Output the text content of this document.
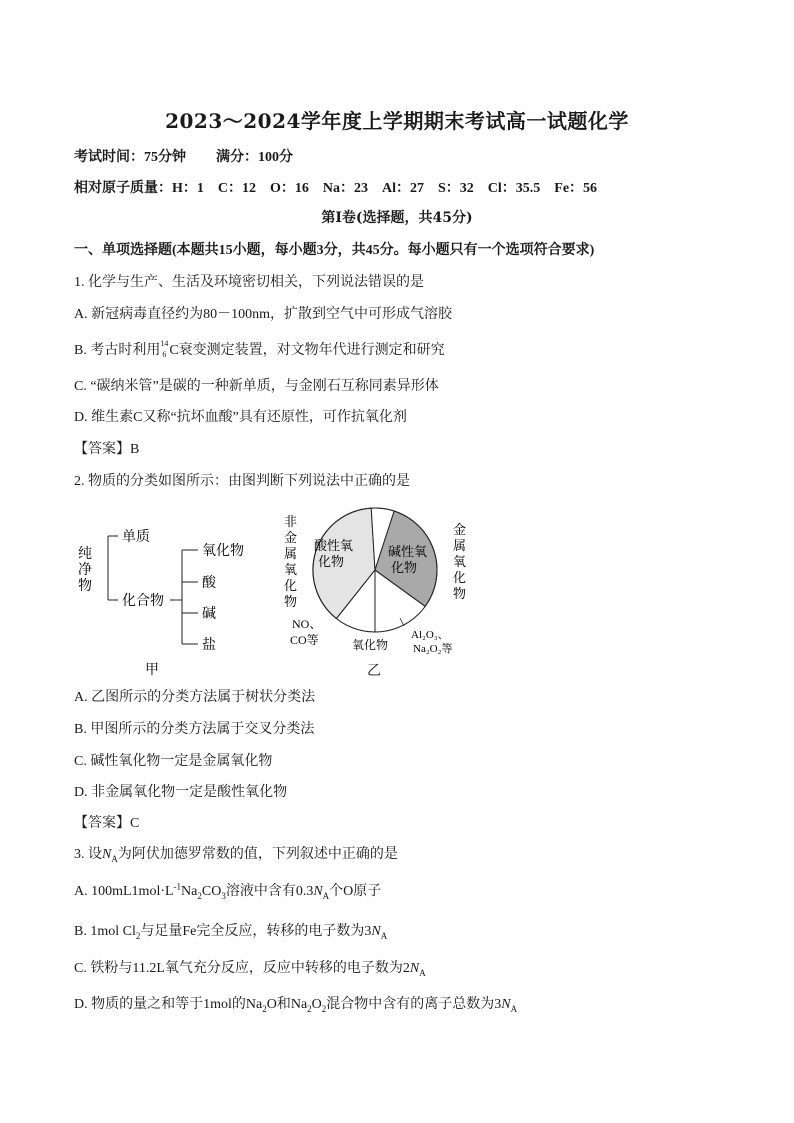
2023～2024学年度上学期期末考试高一试题化学
考试时间：75分钟 满分：100分
相对原子质量：H：1　C：12　O：16　Na：23　Al：27　S：32　Cl：35.5　Fe：56
第Ⅰ卷(选择题，共45分)
一、单项选择题(本题共15小题，每小题3分，共45分。每小题只有一个选项符合要求)
1. 化学与生产、生活及环境密切相关，下列说法错误的是
A. 新冠病毒直径约为80－100nm，扩散到空气中可形成气溶胶
B. 考古时利用 14
6 C衰变测定装置，对文物年代进行测定和研究
C. “碳纳米管”是碳的一种新单质，与金刚石互称同素异形体
D. 维生素C又称“抗坏血酸”具有还原性，可作抗氧化剂
【答案】B
2. 物质的分类如图所示：由图判断下列说法中正确的是
纯
净
物
单质
化合物
氧化物
酸
碱
盐
甲
酸性氧
化物
碱性氧
化物
非
金
属
氧
化
物
金
属
氧
化
物
NO、
CO等	氧化物
Al₂O₃、
Na₂O₂等
乙
A. 乙图所示的分类方法属于树状分类法
B. 甲图所示的分类方法属于交叉分类法
C. 碱性氧化物一定是金属氧化物
D. 非金属氧化物一定是酸性氧化物
【答案】C
3. 设$N_A$为阿伏加德罗常数的值，下列叙述中正确的是
A. $100mL1mol\cdot L^{-1}Na_2CO_3$溶液中含有$0.3N_A$个O原子
B. 1mol $Cl_2$与足量Fe完全反应，转移的电子数为$3N_A$
C. 铁粉与11.2L氧气充分反应，反应中转移的电子数为$2N_A$
D. 物质的量之和等于1mol的$Na_2O$和$Na_2O_2$混合物中含有的离子总数为$3N_A$
